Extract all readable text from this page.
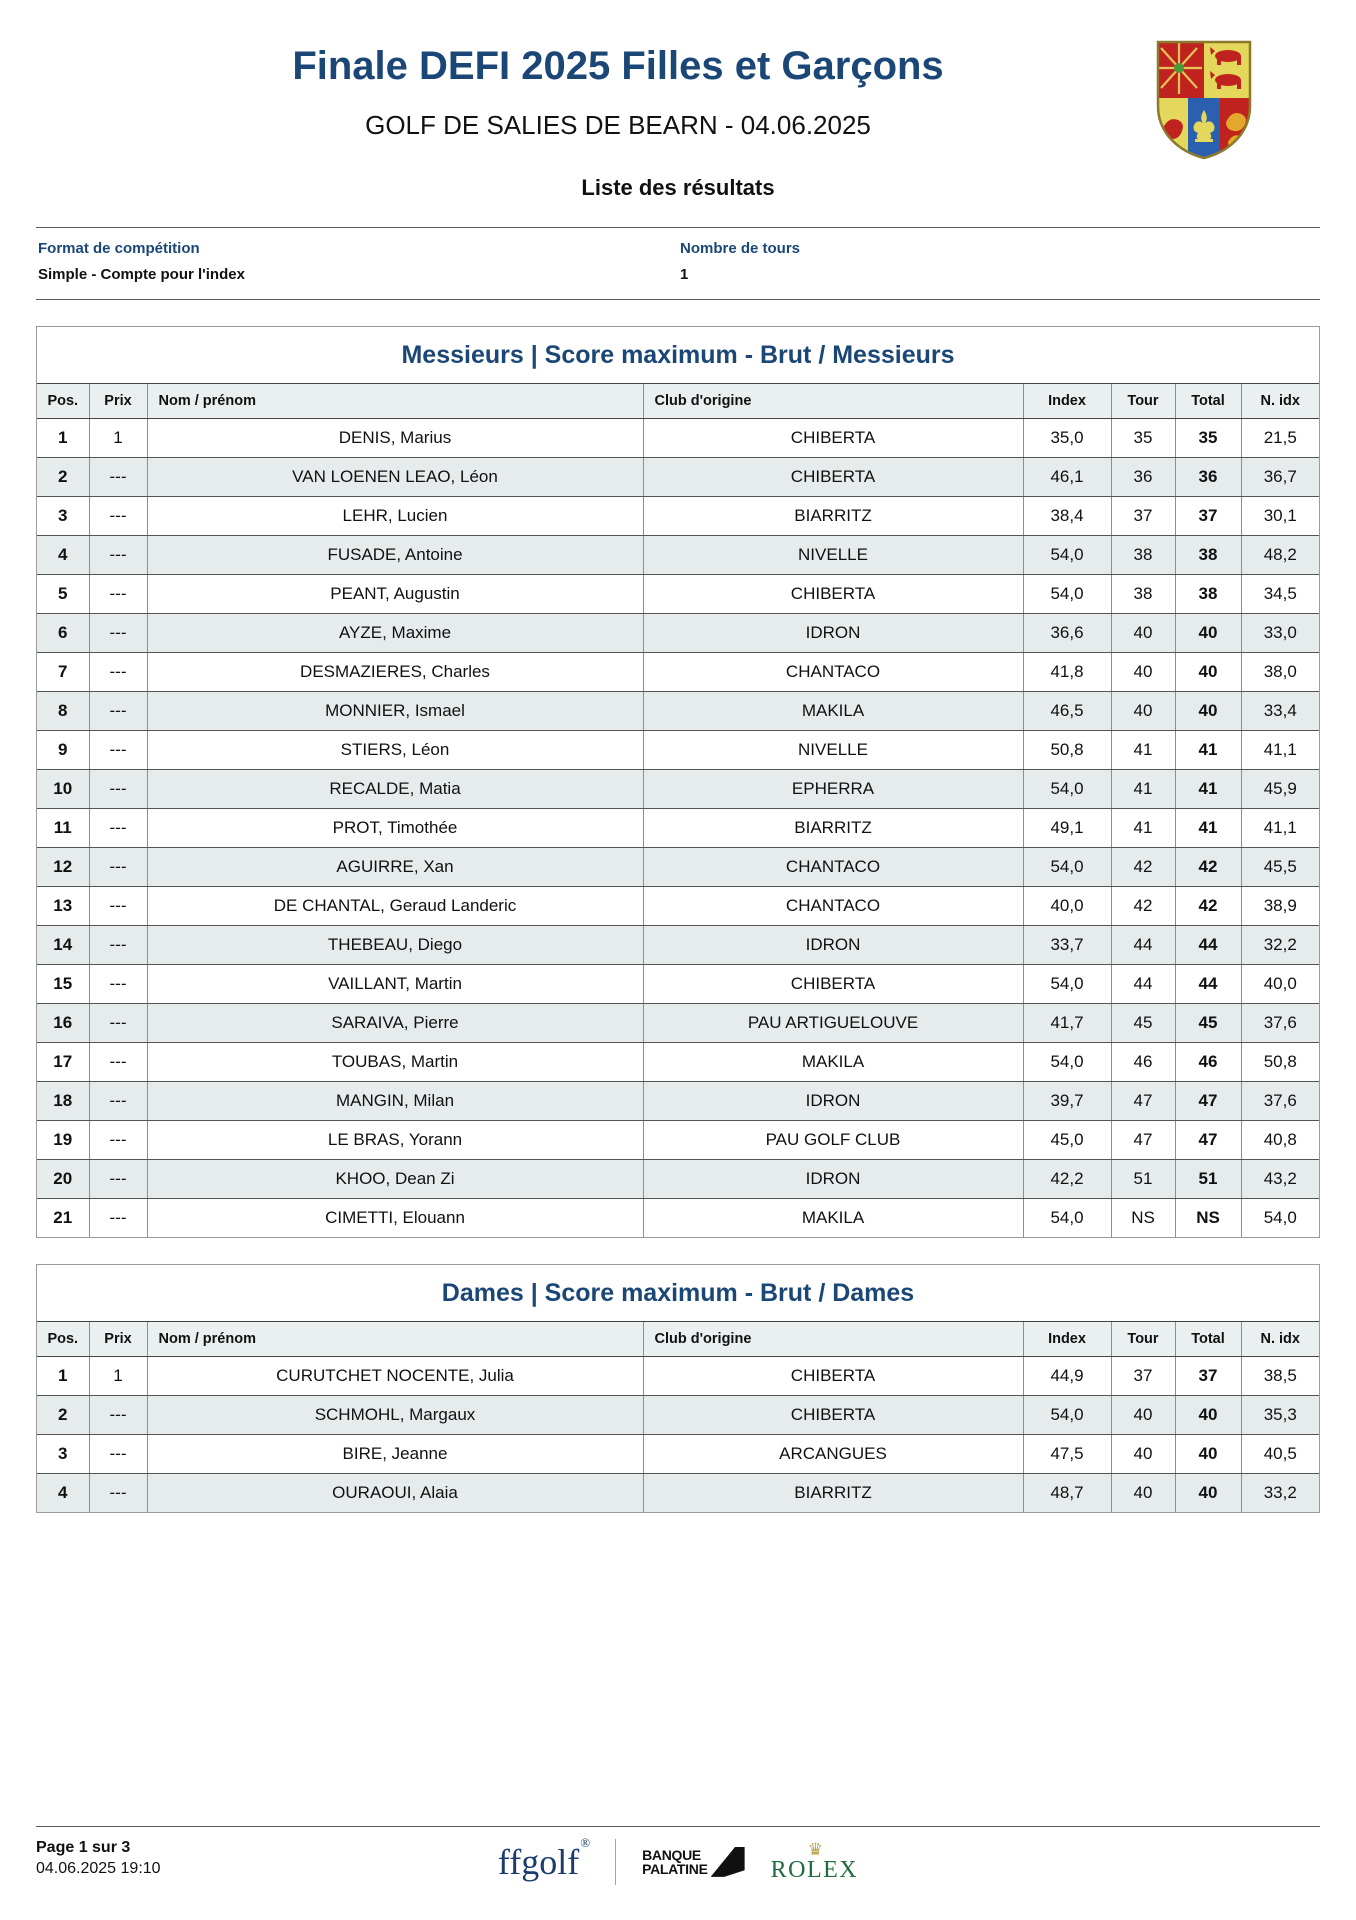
Finale DEFI 2025 Filles et Garçons
GOLF DE SALIES DE BEARN - 04.06.2025
Liste des résultats
Format de compétition
Simple - Compte pour l'index
Nombre de tours
1
Messieurs | Score maximum - Brut / Messieurs
Pos.	Prix	Nom / prénom	Club d'origine	Index	Tour	Total	N. idx
1	1	DENIS, Marius	CHIBERTA	35,0	35	35	21,5
2	---	VAN LOENEN LEAO, Léon	CHIBERTA	46,1	36	36	36,7
3	---	LEHR, Lucien	BIARRITZ	38,4	37	37	30,1
4	---	FUSADE, Antoine	NIVELLE	54,0	38	38	48,2
5	---	PEANT, Augustin	CHIBERTA	54,0	38	38	34,5
6	---	AYZE, Maxime	IDRON	36,6	40	40	33,0
7	---	DESMAZIERES, Charles	CHANTACO	41,8	40	40	38,0
8	---	MONNIER, Ismael	MAKILA	46,5	40	40	33,4
9	---	STIERS, Léon	NIVELLE	50,8	41	41	41,1
10	---	RECALDE, Matia	EPHERRA	54,0	41	41	45,9
11	---	PROT, Timothée	BIARRITZ	49,1	41	41	41,1
12	---	AGUIRRE, Xan	CHANTACO	54,0	42	42	45,5
13	---	DE CHANTAL, Geraud Landeric	CHANTACO	40,0	42	42	38,9
14	---	THEBEAU, Diego	IDRON	33,7	44	44	32,2
15	---	VAILLANT, Martin	CHIBERTA	54,0	44	44	40,0
16	---	SARAIVA, Pierre	PAU ARTIGUELOUVE	41,7	45	45	37,6
17	---	TOUBAS, Martin	MAKILA	54,0	46	46	50,8
18	---	MANGIN, Milan	IDRON	39,7	47	47	37,6
19	---	LE BRAS, Yorann	PAU GOLF CLUB	45,0	47	47	40,8
20	---	KHOO, Dean Zi	IDRON	42,2	51	51	43,2
21	---	CIMETTI, Elouann	MAKILA	54,0	NS	NS	54,0
Dames | Score maximum - Brut / Dames
Pos.	Prix	Nom / prénom	Club d'origine	Index	Tour	Total	N. idx
1	1	CURUTCHET NOCENTE, Julia	CHIBERTA	44,9	37	37	38,5
2	---	SCHMOHL, Margaux	CHIBERTA	54,0	40	40	35,3
3	---	BIRE, Jeanne	ARCANGUES	47,5	40	40	40,5
4	---	OURAOUI, Alaia	BIARRITZ	48,7	40	40	33,2
Page 1 sur 3
04.06.2025 19:10	ffgolf®
BANQUE
PALATINE
♛
ROLEX
